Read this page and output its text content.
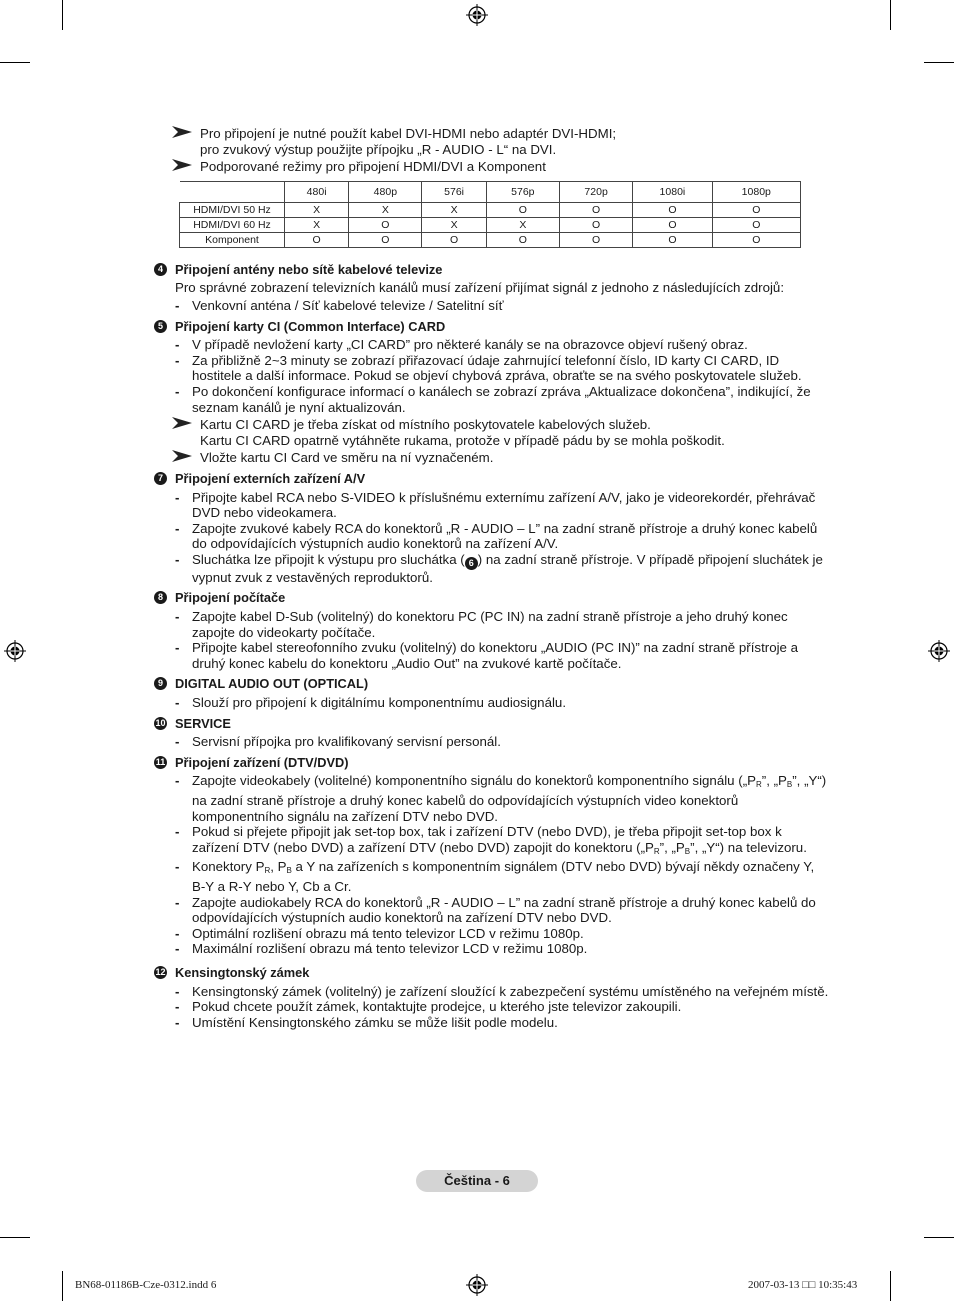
Pro připojení je nutné použít kabel DVI-HDMI nebo adaptér DVI-HDMI;

pro zvukový výstup použijte přípojku „R - AUDIO - L“ na DVI.

Podporované režimy pro připojení HDMI/DVI a Komponent

	480i	480p	576i	576p	720p	1080i	1080p
HDMI/DVI 50 Hz	X	X	X	O	O	O	O
HDMI/DVI 60 Hz	X	O	X	X	O	O	O
Komponent	O	O	O	O	O	O	O
4 Připojení antény nebo sítě kabelové televize
Pro správné zobrazení televizních kanálů musí zařízení přijímat signál z jednoho z následujících zdrojů:
- Venkovní anténa / Síť kabelové televize / Satelitní síť
5 Připojení karty CI (Common Interface) CARD
- V případě nevložení karty „CI CARD” pro některé kanály se na obrazovce objeví rušený obraz.
- Za přibližně 2~3 minuty se zobrazí přiřazovací údaje zahrnující telefonní číslo, ID karty CI CARD, ID hostitele a další informace. Pokud se objeví chybová zpráva, obraťte se na svého poskytovatele služeb.
- Po dokončení konfigurace informací o kanálech se zobrazí zpráva „Aktualizace dokončena”, indikující, že seznam kanálů je nyní aktualizován.

Kartu CI CARD je třeba získat od místního poskytovatele kabelových služeb.

Kartu CI CARD opatrně vytáhněte rukama, protože v případě pádu by se mohla poškodit.

Vložte kartu CI Card ve směru na ní vyznačeném.

7 Připojení externích zařízení A/V
- Připojte kabel RCA nebo S-VIDEO k příslušnému externímu zařízení A/V, jako je videorekordér, přehrávač DVD nebo videokamera.
- Zapojte zvukové kabely RCA do konektorů „R - AUDIO – L” na zadní straně přístroje a druhý konec kabelů do odpovídajících výstupních audio konektorů na zařízení A/V.
- Sluchátka lze připojit k výstupu pro sluchátka ( 6 ) na zadní straně přístroje. V případě připojení sluchátek je vypnut zvuk z vestavěných reproduktorů.
8 Připojení počítače
- Zapojte kabel D-Sub (volitelný) do konektoru PC (PC IN) na zadní straně přístroje a jeho druhý konec zapojte do videokarty počítače.
- Připojte kabel stereofonního zvuku (volitelný) do konektoru „AUDIO (PC IN)” na zadní straně přístroje a druhý konec kabelu do konektoru „Audio Out” na zvukové kartě počítače.
9 DIGITAL AUDIO OUT (OPTICAL)
- Slouží pro připojení k digitálnímu komponentnímu audiosignálu.
10 SERVICE
- Servisní přípojka pro kvalifikovaný servisní personál.
11 Připojení zařízení (DTV/DVD)
- Zapojte videokabely (volitelné) komponentního signálu do konektorů komponentního signálu ($„P_R$”, $„P_B$”, „Y“) na zadní straně přístroje a druhý konec kabelů do odpovídajících výstupních video konektorů komponentního signálu na zařízení DTV nebo DVD.
- Pokud si přejete připojit jak set-top box, tak i zařízení DTV (nebo DVD), je třeba připojit set-top box k zařízení DTV (nebo DVD) a zařízení DTV (nebo DVD) zapojit do konektoru ($„P_R$”, $„P_B$”, „Y“) na televizoru.
- Konektory $P_R$, $P_B$ a Y na zařízeních s komponentním signálem (DTV nebo DVD) bývají někdy označeny Y, B-Y a R-Y nebo Y, Cb a Cr.
- Zapojte audiokabely RCA do konektorů „R - AUDIO – L” na zadní straně přístroje a druhý konec kabelů do odpovídajících výstupních audio konektorů na zařízení DTV nebo DVD.
- Optimální rozlišení obrazu má tento televizor LCD v režimu 1080p.
- Maximální rozlišení obrazu má tento televizor LCD v režimu 1080p.
12 Kensingtonský zámek
- Kensingtonský zámek (volitelný) je zařízení sloužící k zabezpečení systému umístěného na veřejném místě.
- Pokud chcete použít zámek, kontaktujte prodejce, u kterého jste televizor zakoupili.
- Umístění Kensingtonského zámku se může lišit podle modelu.
Čeština - 6
BN68-01186B-Cze-0312.indd 6	2007-03-13 □□ 10:35:43
